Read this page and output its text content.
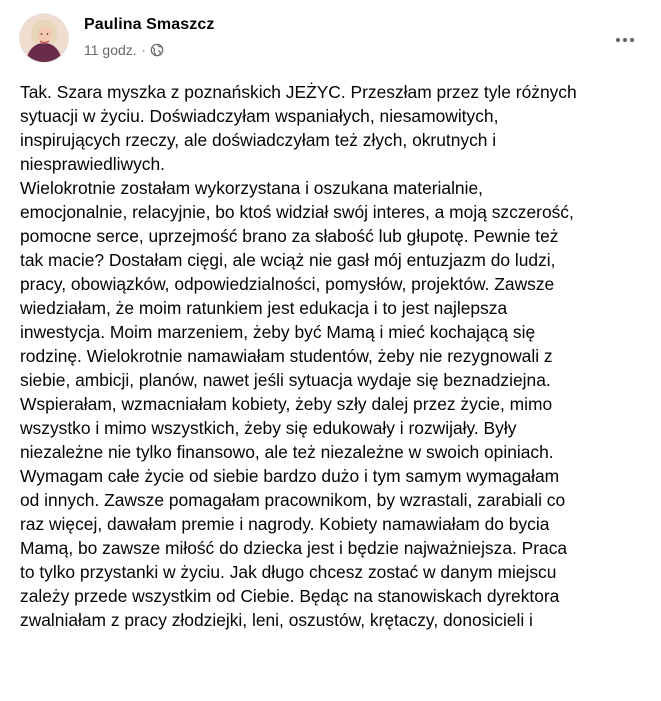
Paulina Smaszcz
11 godz. ·
Tak. Szara myszka z poznańskich JEŻYC. Przeszłam przez tyle różnych
sytuacji w życiu. Doświadczyłam wspaniałych, niesamowitych,
inspirujących rzeczy, ale doświadczyłam też złych, okrutnych i
niesprawiedliwych.
Wielokrotnie zostałam wykorzystana i oszukana materialnie,
emocjonalnie, relacyjnie, bo ktoś widział swój interes, a moją szczerość,
pomocne serce, uprzejmość brano za słabość lub głupotę. Pewnie też
tak macie? Dostałam cięgi, ale wciąż nie gasł mój entuzjazm do ludzi,
pracy, obowiązków, odpowiedzialności, pomysłów, projektów. Zawsze
wiedziałam, że moim ratunkiem jest edukacja i to jest najlepsza
inwestycja. Moim marzeniem, żeby być Mamą i mieć kochającą się
rodzinę. Wielokrotnie namawiałam studentów, żeby nie rezygnowali z
siebie, ambicji, planów, nawet jeśli sytuacja wydaje się beznadziejna.
Wspierałam, wzmacniałam kobiety, żeby szły dalej przez życie, mimo
wszystko i mimo wszystkich, żeby się edukowały i rozwijały. Były
niezależne nie tylko finansowo, ale też niezależne w swoich opiniach.
Wymagam całe życie od siebie bardzo dużo i tym samym wymagałam
od innych. Zawsze pomagałam pracownikom, by wzrastali, zarabiali co
raz więcej, dawałam premie i nagrody. Kobiety namawiałam do bycia
Mamą, bo zawsze miłość do dziecka jest i będzie najważniejsza. Praca
to tylko przystanki w życiu. Jak długo chcesz zostać w danym miejscu
zależy przede wszystkim od Ciebie. Będąc na stanowiskach dyrektora
zwalniałam z pracy złodziejki, leni, oszustów, krętaczy, donosicieli i
